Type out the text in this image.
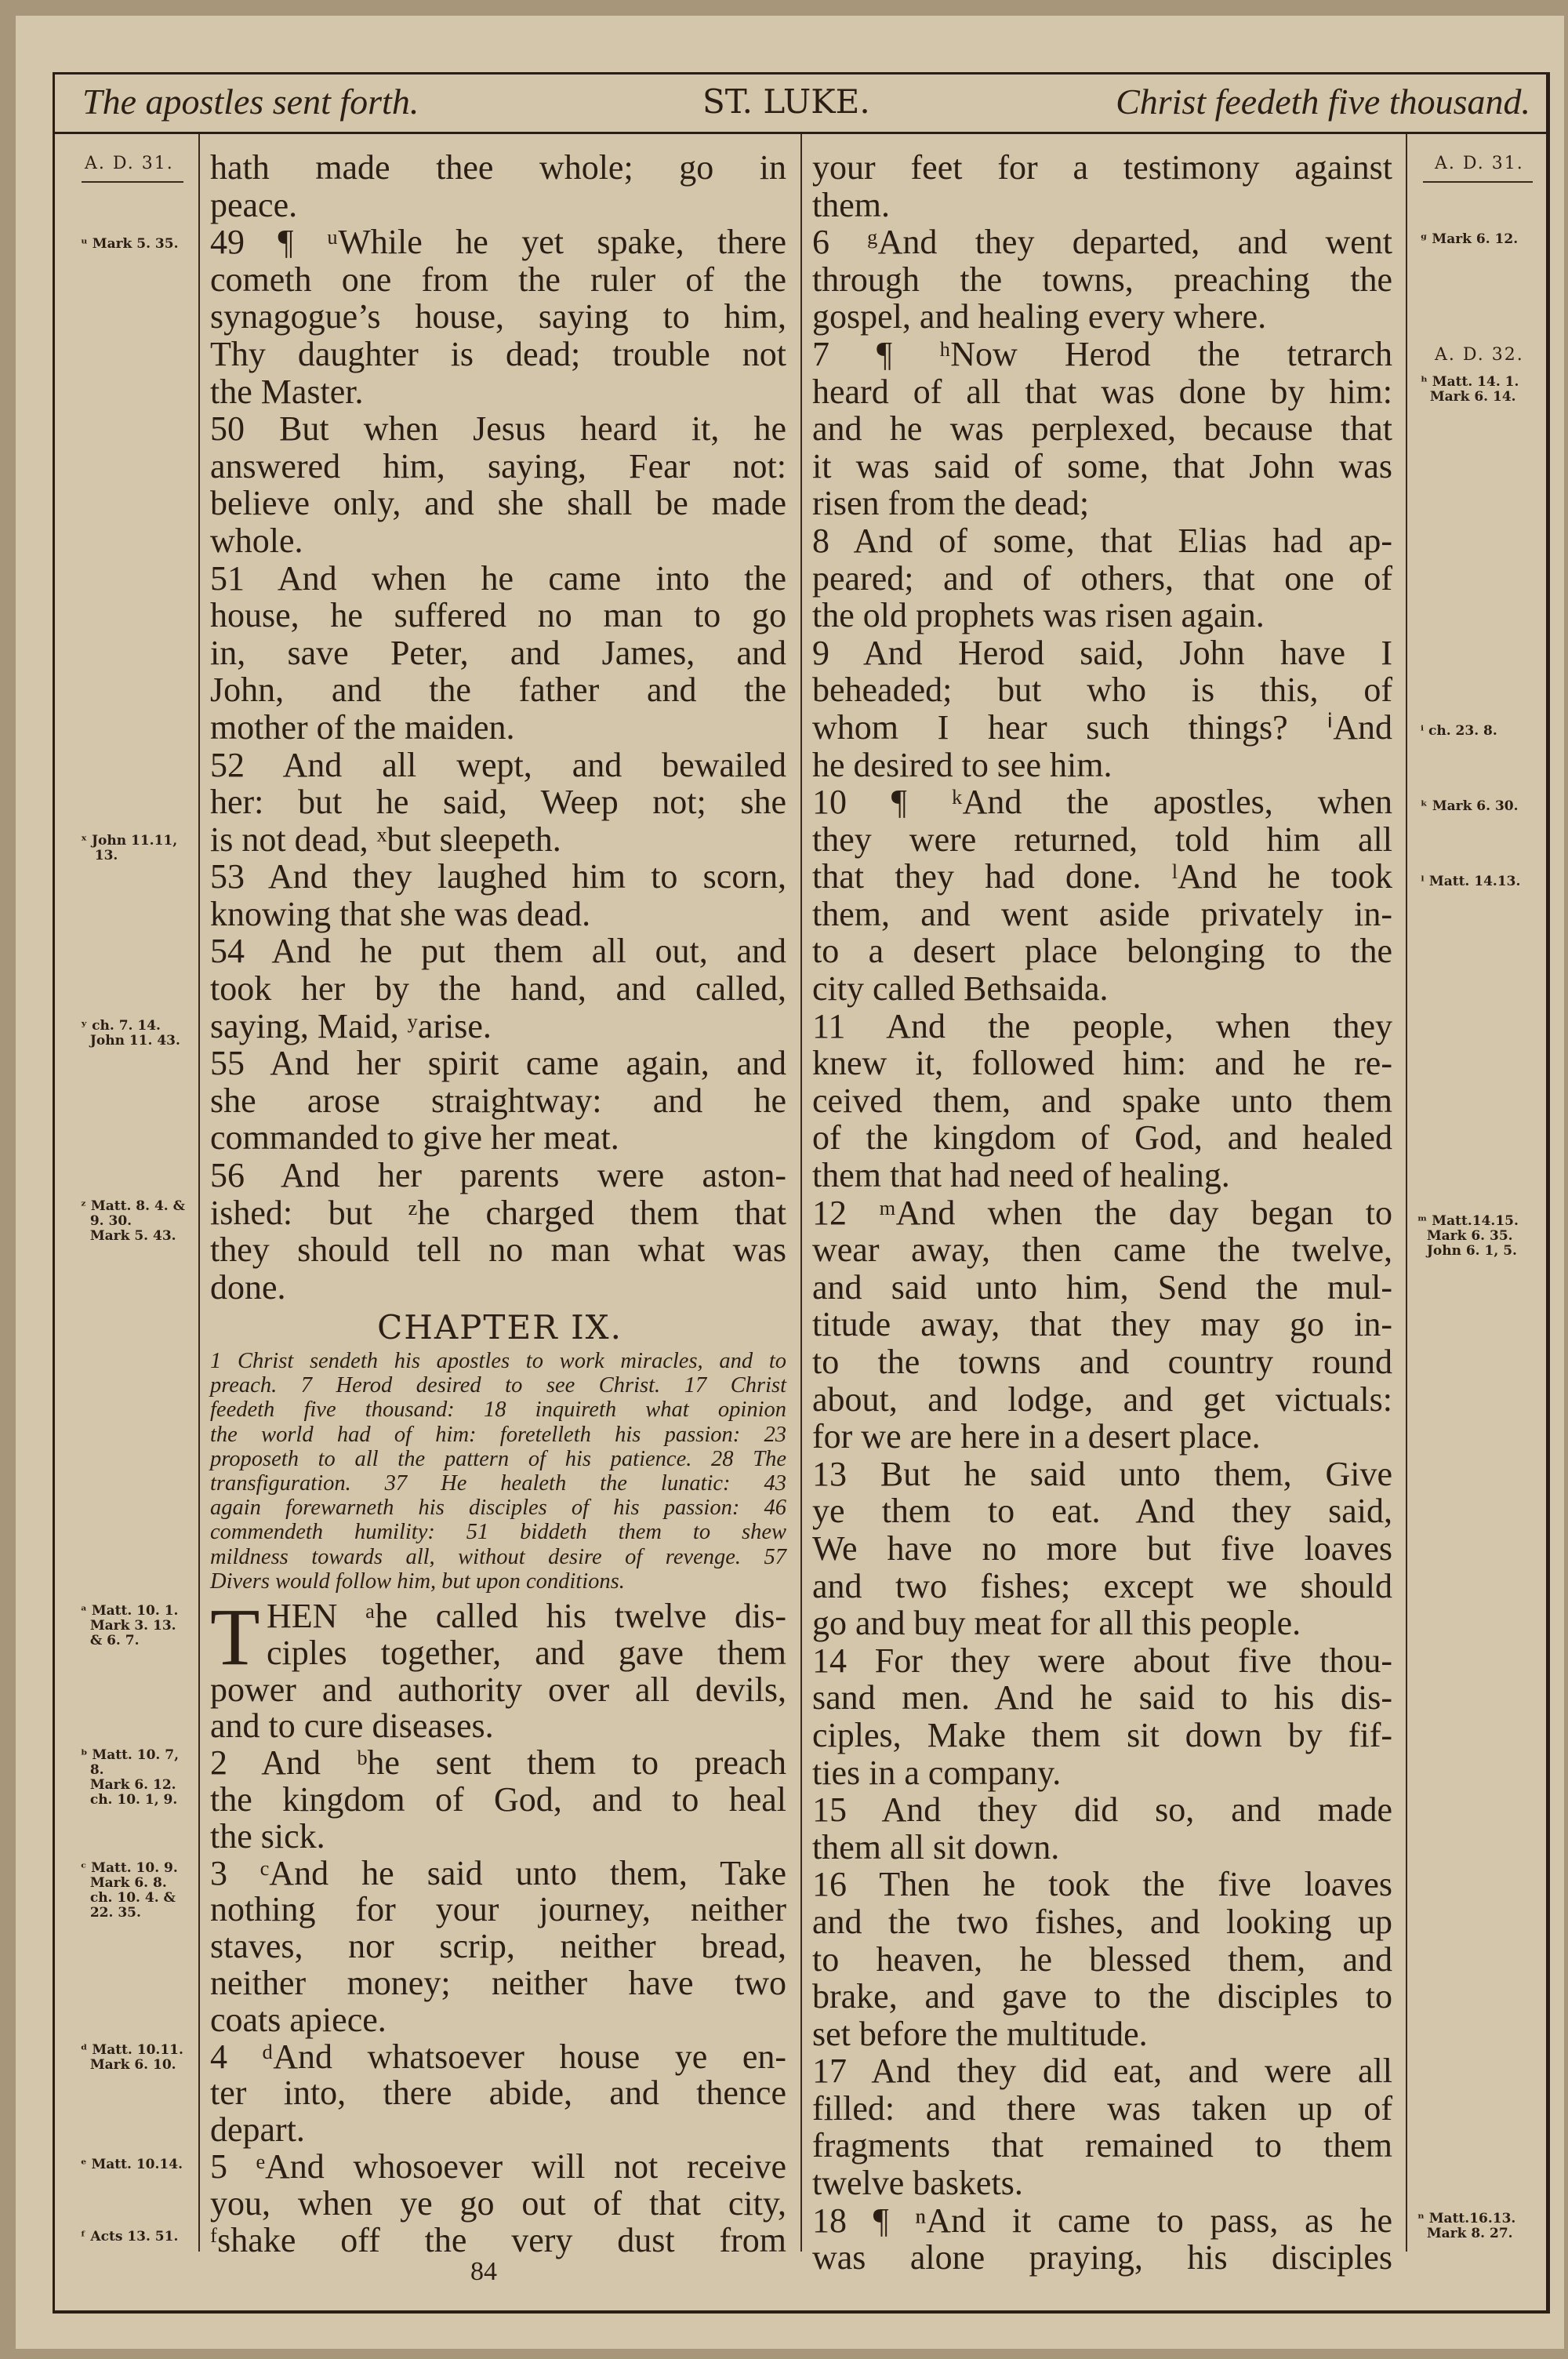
The apostles sent forth.	ST. LUKE.	Christ feedeth five thousand.
A. D. 31.	A. D. 31.
A. D. 32.
ᵘ Mark 5. 35.
ˣ John 11.11,
13.
ʸ ch. 7. 14.
John 11. 43.
ᶻ Matt. 8. 4. &
9. 30.
Mark 5. 43.
ᵃ Matt. 10. 1.
Mark 3. 13.
& 6. 7.
ᵇ Matt. 10. 7,
8.
Mark 6. 12.
ch. 10. 1, 9.
ᶜ Matt. 10. 9.
Mark 6. 8.
ch. 10. 4. &
22. 35.
ᵈ Matt. 10.11.
Mark 6. 10.
ᵉ Matt. 10.14.
ᶠ Acts 13. 51.
ᵍ Mark 6. 12.
ʰ Matt. 14. 1.
Mark 6. 14.
ⁱ ch. 23. 8.
ᵏ Mark 6. 30.
ˡ Matt. 14.13.
ᵐ Matt.14.15.
Mark 6. 35.
John 6. 1, 5.
ⁿ Matt.16.13.
Mark 8. 27.
hath made thee whole; go in
peace.
49 ¶ ᵘWhile he yet spake, there
cometh one from the ruler of the
synagogue’s house, saying to him,
Thy daughter is dead; trouble not
the Master.
50 But when Jesus heard it, he
answered him, saying, Fear not:
believe only, and she shall be made
whole.
51 And when he came into the
house, he suffered no man to go
in, save Peter, and James, and
John, and the father and the
mother of the maiden.
52 And all wept, and bewailed
her: but he said, Weep not; she
is not dead, ˣbut sleepeth.
53 And they laughed him to scorn,
knowing that she was dead.
54 And he put them all out, and
took her by the hand, and called,
saying, Maid, ʸarise.
55 And her spirit came again, and
she arose straightway: and he
commanded to give her meat.
56 And her parents were aston-
ished: but ᶻhe charged them that
they should tell no man what was
done.
CHAPTER IX.
1 Christ sendeth his apostles to work miracles, and to
preach. 7 Herod desired to see Christ. 17 Christ
feedeth five thousand: 18 inquireth what opinion
the world had of him: foretelleth his passion: 23
proposeth to all the pattern of his patience. 28 The
transfiguration. 37 He healeth the lunatic: 43
again forewarneth his disciples of his passion: 46
commendeth humility: 51 biddeth them to shew
mildness towards all, without desire of revenge. 57
Divers would follow him, but upon conditions.
T HEN ᵃhe called his twelve dis-
ciples together, and gave them
power and authority over all devils,
and to cure diseases.
2 And ᵇhe sent them to preach
the kingdom of God, and to heal
the sick.
3 ᶜAnd he said unto them, Take
nothing for your journey, neither
staves, nor scrip, neither bread,
neither money; neither have two
coats apiece.
4 ᵈAnd whatsoever house ye en-
ter into, there abide, and thence
depart.
5 ᵉAnd whosoever will not receive
you, when ye go out of that city,
ᶠshake off the very dust from
your feet for a testimony against
them.
6 ᵍAnd they departed, and went
through the towns, preaching the
gospel, and healing every where.
7 ¶ ʰNow Herod the tetrarch
heard of all that was done by him:
and he was perplexed, because that
it was said of some, that John was
risen from the dead;
8 And of some, that Elias had ap-
peared; and of others, that one of
the old prophets was risen again.
9 And Herod said, John have I
beheaded; but who is this, of
whom I hear such things? ⁱAnd
he desired to see him.
10 ¶ ᵏAnd the apostles, when
they were returned, told him all
that they had done. ˡAnd he took
them, and went aside privately in-
to a desert place belonging to the
city called Bethsaida.
11 And the people, when they
knew it, followed him: and he re-
ceived them, and spake unto them
of the kingdom of God, and healed
them that had need of healing.
12 ᵐAnd when the day began to
wear away, then came the twelve,
and said unto him, Send the mul-
titude away, that they may go in-
to the towns and country round
about, and lodge, and get victuals:
for we are here in a desert place.
13 But he said unto them, Give
ye them to eat. And they said,
We have no more but five loaves
and two fishes; except we should
go and buy meat for all this people.
14 For they were about five thou-
sand men. And he said to his dis-
ciples, Make them sit down by fif-
ties in a company.
15 And they did so, and made
them all sit down.
16 Then he took the five loaves
and the two fishes, and looking up
to heaven, he blessed them, and
brake, and gave to the disciples to
set before the multitude.
17 And they did eat, and were all
filled: and there was taken up of
fragments that remained to them
twelve baskets.
18 ¶ ⁿAnd it came to pass, as he
was alone praying, his disciples
84
